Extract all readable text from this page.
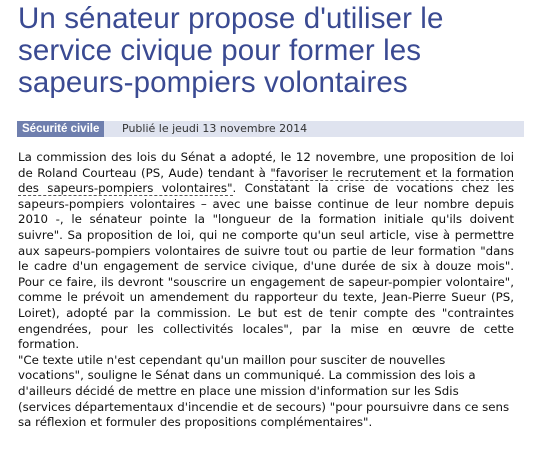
Un sénateur propose d'utiliser le service civique pour former les sapeurs-pompiers volontaires
Sécurité civile	Publié le jeudi 13 novembre 2014

La commission des lois du Sénat a adopté, le 12 novembre, une proposition de loi de Roland Courteau (PS, Aude) tendant à "favoriser le recrutement et la formation des sapeurs-pompiers volontaires". Constatant la crise de vocations chez les sapeurs-pompiers volontaires – avec une baisse continue de leur nombre depuis 2010 -, le sénateur pointe la "longueur de la formation initiale qu'ils doivent suivre". Sa proposition de loi, qui ne comporte qu'un seul article, vise à permettre aux sapeurs-pompiers volontaires de suivre tout ou partie de leur formation "dans le cadre d'un engagement de service civique, d'une durée de six à douze mois". Pour ce faire, ils devront "souscrire un engagement de sapeur-pompier volontaire", comme le prévoit un amendement du rapporteur du texte, Jean-Pierre Sueur (PS, Loiret), adopté par la commission. Le but est de tenir compte des "contraintes engendrées, pour les collectivités locales", par la mise en œuvre de cette formation.

"Ce texte utile n'est cependant qu'un maillon pour susciter de nouvelles vocations", souligne le Sénat dans un communiqué. La commission des lois a d'ailleurs décidé de mettre en place une mission d'information sur les Sdis (services départementaux d'incendie et de secours) "pour poursuivre dans ce sens sa réflexion et formuler des propositions complémentaires".
